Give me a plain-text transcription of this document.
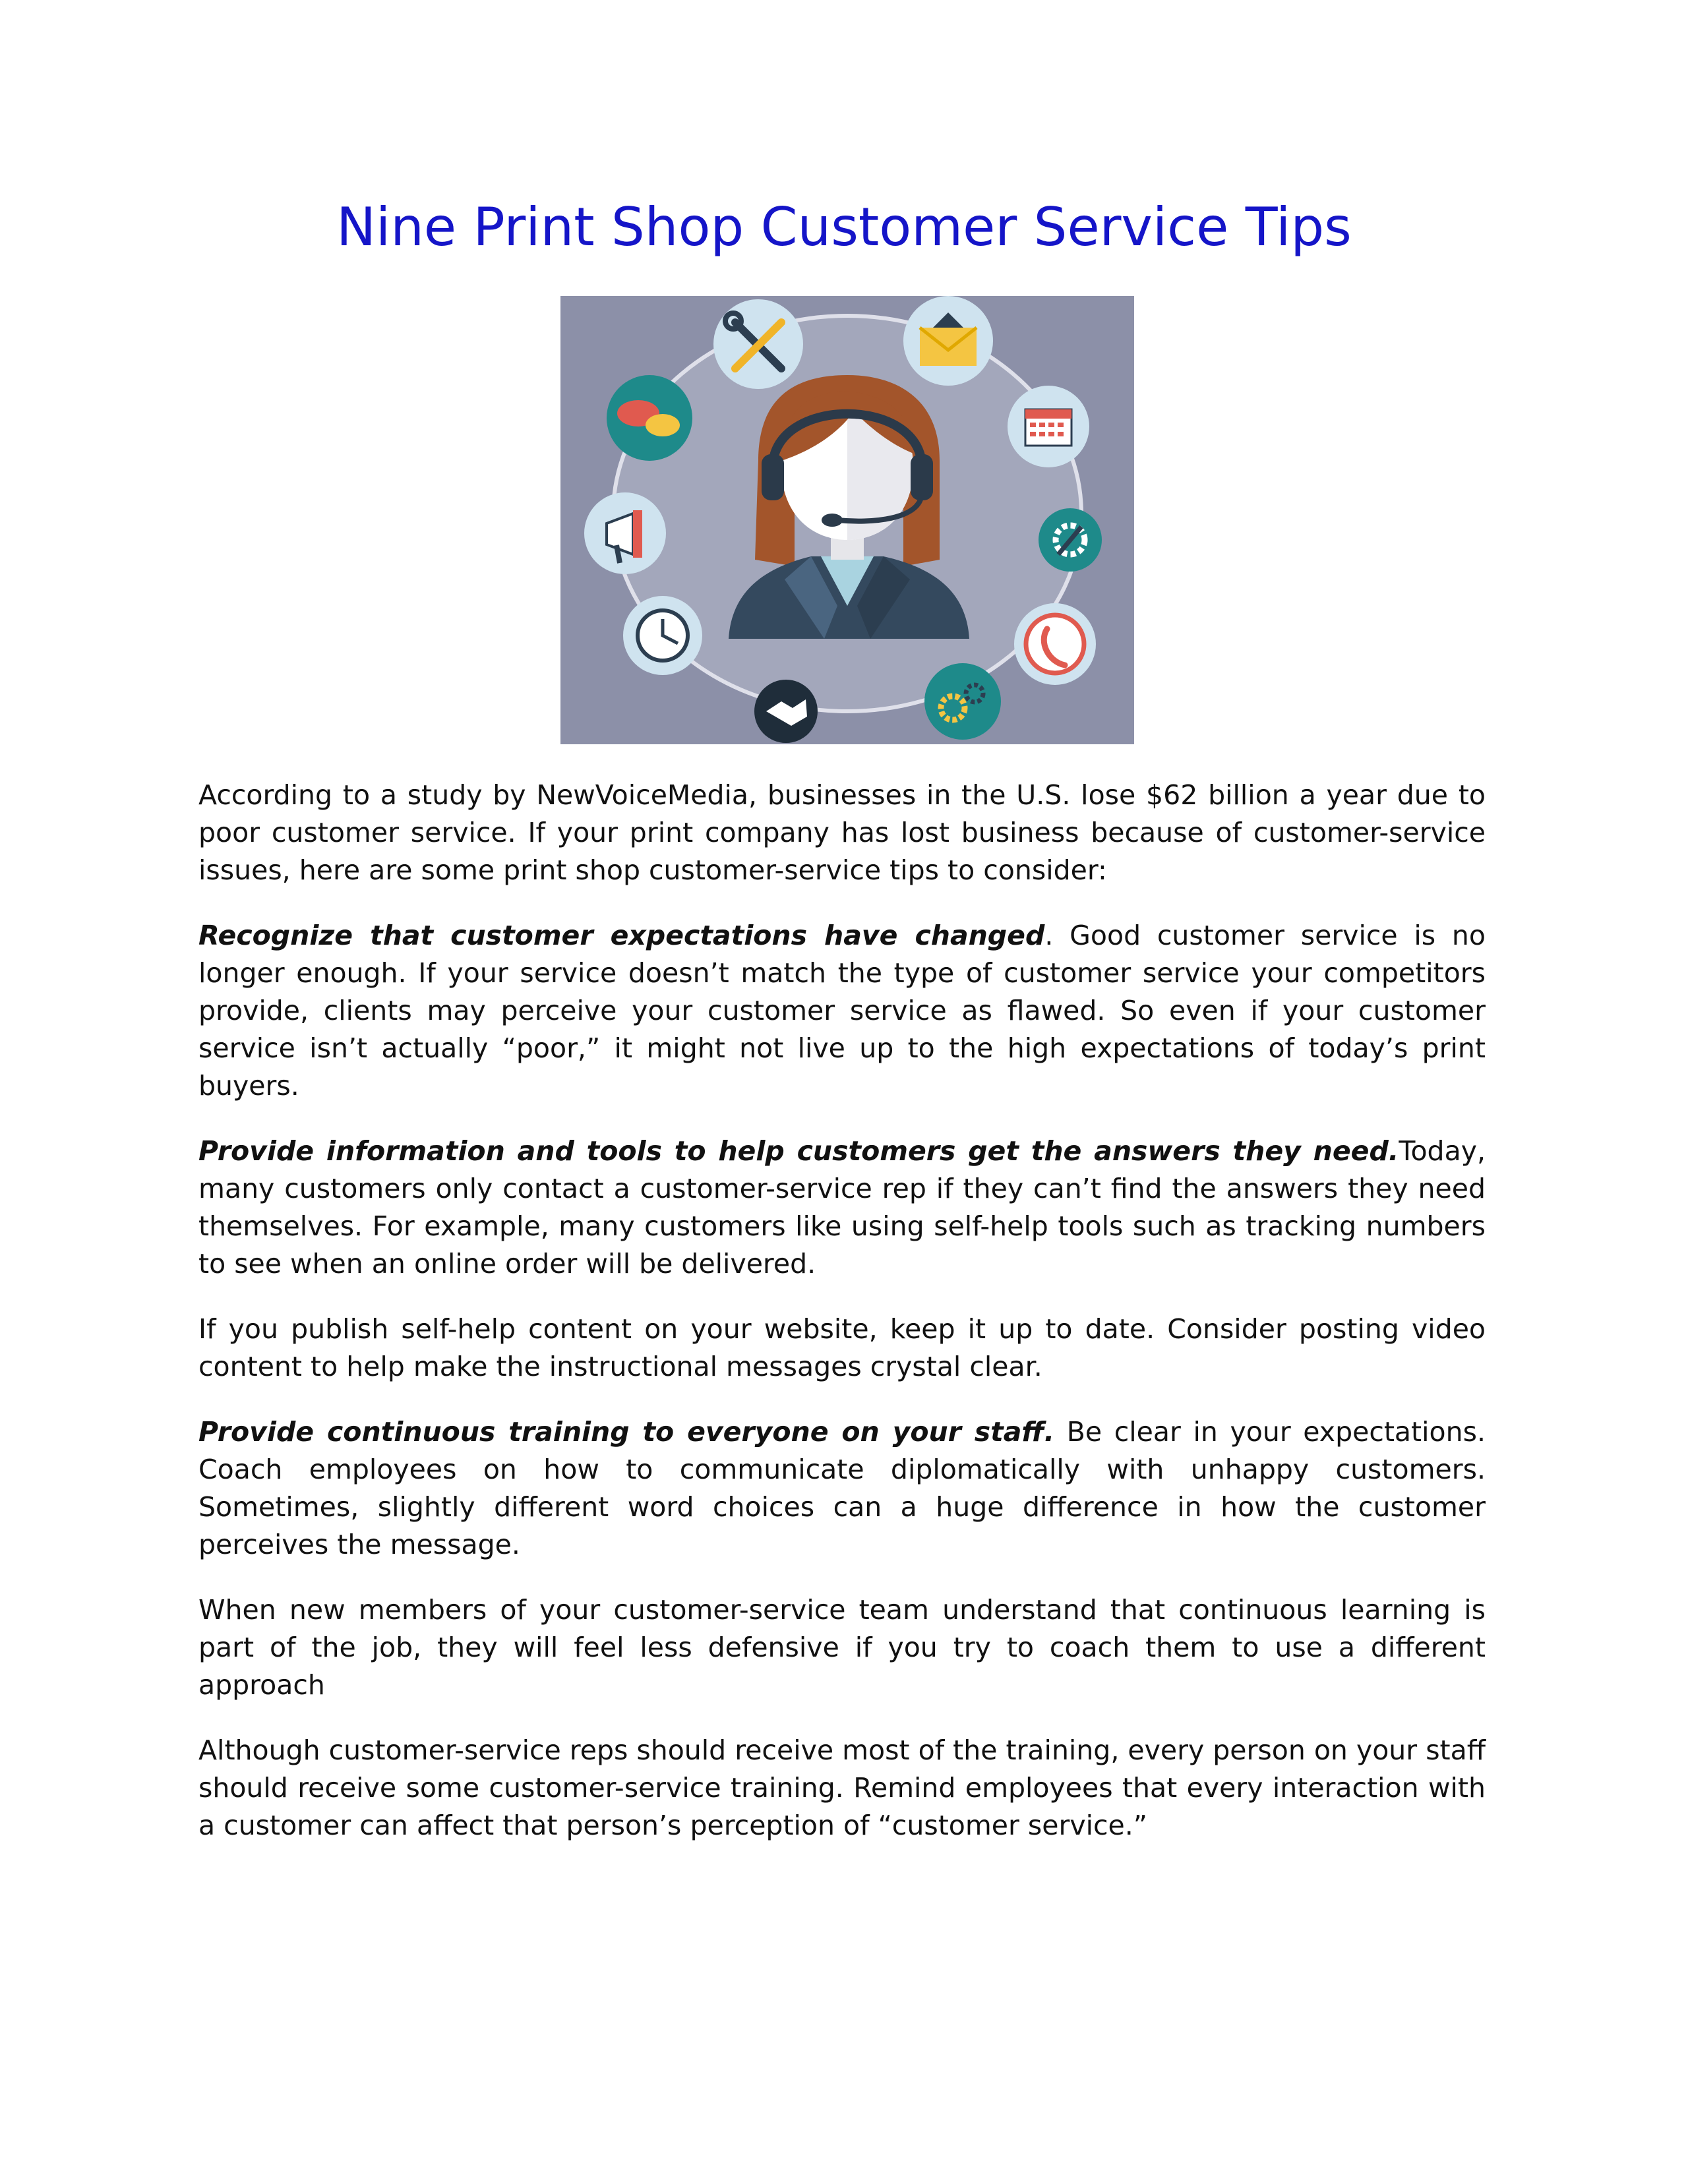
Nine Print Shop Customer Service Tips

According to a study by NewVoiceMedia, businesses in the U.S. lose $62 billion a year due to poor customer service. If your print company has lost business because of customer-service issues, here are some print shop customer-service tips to consider:

Recognize that customer expectations have changed. Good customer service is no longer enough. If your service doesn’t match the type of customer service your competitors provide, clients may perceive your customer service as flawed. So even if your customer service isn’t actually “poor,” it might not live up to the high expectations of today’s print buyers.

Provide information and tools to help customers get the answers they need.Today, many customers only contact a customer-service rep if they can’t find the answers they need themselves. For example, many customers like using self-help tools such as tracking numbers to see when an online order will be delivered.

If you publish self-help content on your website, keep it up to date. Consider posting video content to help make the instructional messages crystal clear.

Provide continuous training to everyone on your staff. Be clear in your expectations. Coach employees on how to communicate diplomatically with unhappy customers. Sometimes, slightly different word choices can a huge difference in how the customer perceives the message.

When new members of your customer-service team understand that continuous learning is part of the job, they will feel less defensive if you try to coach them to use a different approach

Although customer-service reps should receive most of the training, every person on your staff should receive some customer-service training. Remind employees that every interaction with a customer can affect that person’s perception of “customer service.”
